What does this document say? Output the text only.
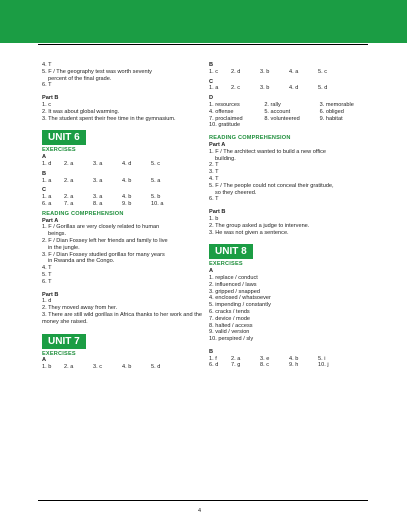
4. T
5. F / The geography test was worth seventy
percent of the final grade.
6. T
Part B
1. c
2. It was about global warming.
3. The student spent their free time in the gymnasium.
UNIT 6
EXERCISES
A
1. d	2. a	3. a	4. d	5. c
B
1. a	2. a	3. a	4. b	5. a
C
1. a	2. a	3. a	4. b	5. b
6. a	7. a	8. a	9. b	10. a
READING COMPREHENSION
Part A
1. F / Gorillas are very closely related to human
beings.
2. F / Dian Fossey left her friends and family to live
in the jungle.
3. F / Dian Fossey studied gorillas for many years
in Rwanda and the Congo.
4. T
5. T
6. T
Part B
1. d
2. They moved away from her.
3. There are still wild gorillas in Africa thanks to her work and the money she raised.
UNIT 7
EXERCISES
A
1. b	2. a	3. c	4. b	5. d
B
1. c	2. d	3. b	4. a	5. c
C
1. a	2. c	3. b	4. d	5. d
D
1. resources	2. rally	3. memorable
4. offense	5. account	6. obliged
7. proclaimed	8. volunteered	9. habitat
10. gratitude
READING COMPREHENSION
Part A
1. F / The architect wanted to build a new office
building.
2. T
3. T
4. T
5. F / The people could not conceal their gratitude,
so they cheered.
6. T
Part B
1. b
2. The group asked a judge to intervene.
3. He was not given a sentence.
UNIT 8
EXERCISES
A
1. replace / conduct
2. influenced / laws
3. gripped / snapped
4. enclosed / whatsoever
5. impending / constantly
6. cracks / tends
7. device / mode
8. halted / access
9. valid / version
10. perspired / sly
B
1. f	2. a	3. e	4. b	5. i
6. d	7. g	8. c	9. h	10. j
4
